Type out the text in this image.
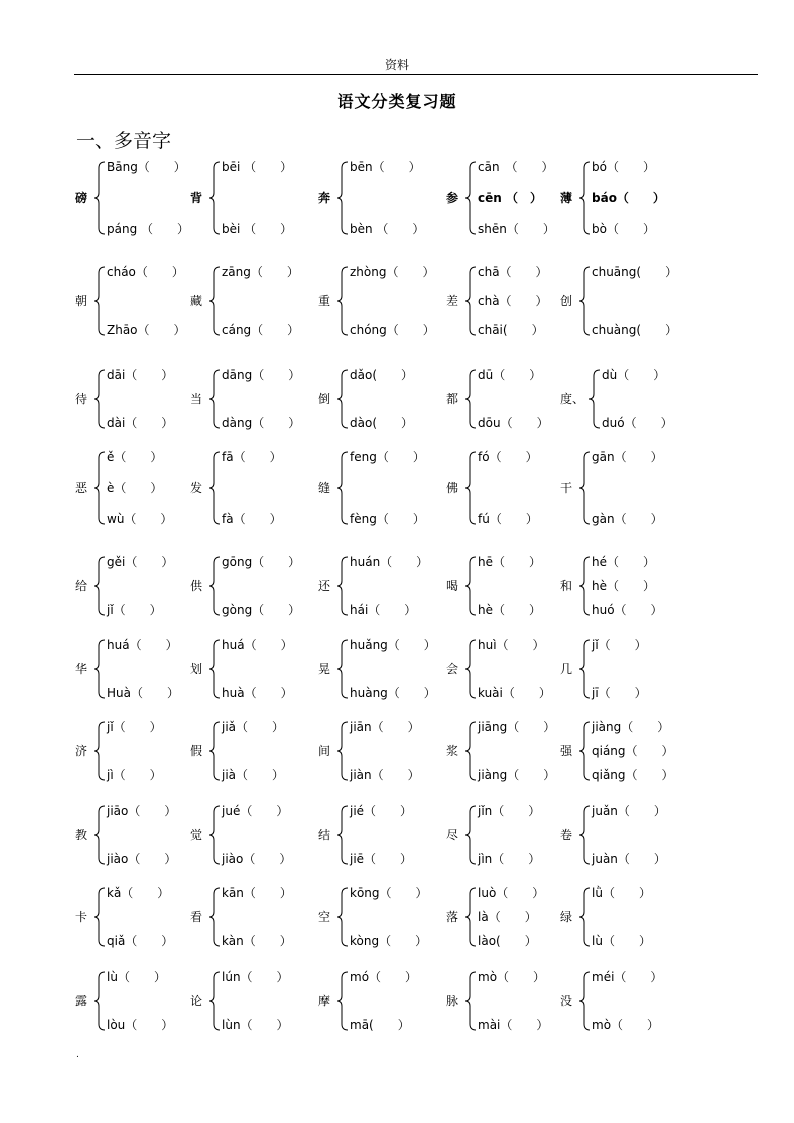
资料
语文分类复习题
一、多音字
磅
Bāng（　　）
páng （　　）
背
bēi （　　）
bèi （　　）
奔
bēn（　　）
bèn （　　）
参
cān　（　　）
cēn （　）
shēn（　　）
薄
bó（　　）
báo（　　）
bò（　　）
朝
cháo（　　）
Zhāo（　　）
藏
zāng（　　）
cáng（　　）
重
zhòng（　　）
chóng（　　）
差
chā（　　）
chà（　　）
chāi(　　）
创
chuāng(　　）
chuàng(　　）
待
dāi（　　）
dài（　　）
当
dāng（　　）
dàng（　　）
倒
dǎo(　　）
dào(　　）
都
dū（　　）
dōu（　　）
度、
dù（　　）
duó（　　）
恶
ě（　　）
è（　　）
wù（　　）
发
fā（　　）
fà（　　）
缝
feng（　　）
fèng（　　）
佛
fó（　　）
fú（　　）
干
gān（　　）
gàn（　　）
给
gěi（　　）
jǐ（　　）
供
gōng（　　）
gòng（　　）
还
huán（　　）
hái（　　）
喝
hē（　　）
hè（　　）
和
hé（　　）
hè（　　）
huó（　　）
华
huá（　　）
Huà（　　）
划
huá（　　）
huà（　　）
晃
huǎng（　　）
huàng（　　）
会
huì（　　）
kuài（　　）
几
jǐ（　　）
jī（　　）
济
jǐ（　　）
jì（　　）
假
jiǎ（　　）
jià（　　）
间
jiān（　　）
jiàn（　　）
浆
jiāng（　　）
jiàng（　　）
强
jiàng（　　）
qiáng（　　）
qiǎng（　　）
教
jiāo（　　）
jiào（　　）
觉
jué（　　）
jiào（　　）
结
jié（　　）
jiē（　　）
尽
jǐn（　　）
jìn（　　）
卷
juǎn（　　）
juàn（　　）
卡
kǎ（　　）
qiǎ（　　）
看
kān（　　）
kàn（　　）
空
kōng（　　）
kòng（　　）
落
luò（　　）
là（　　）
lào(　　）
绿
lǜ（　　）
lù（　　）
露
lù（　　）
lòu（　　）
论
lún（　　）
lùn（　　）
摩
mó（　　）
mā(　　）
脉
mò（　　）
mài（　　）
没
méi（　　）
mò（　　）
.
